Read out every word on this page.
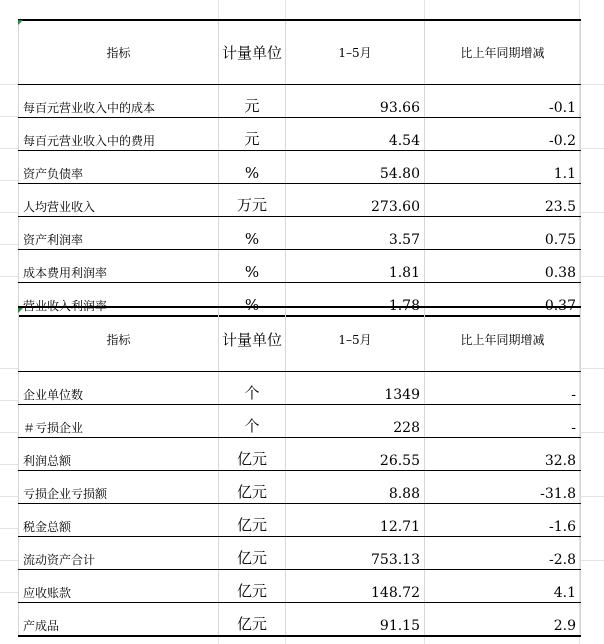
指标	计量单位	1–5月	比上年同期增减
每百元营业收入中的成本	元	93.66	-0.1
每百元营业收入中的费用	元	4.54	-0.2
资产负债率	%	54.80	1.1
人均营业收入	万元	273.60	23.5
资产利润率	%	3.57	0.75
成本费用利润率	%	1.81	0.38
营业收入利润率	%	1.78	0.37
指标	计量单位	1–5月	比上年同期增减
企业单位数	个	1349	-
＃亏损企业	个	228	-
利润总额	亿元	26.55	32.8
亏损企业亏损额	亿元	8.88	-31.8
税金总额	亿元	12.71	-1.6
流动资产合计	亿元	753.13	-2.8
应收账款	亿元	148.72	4.1
产成品	亿元	91.15	2.9
